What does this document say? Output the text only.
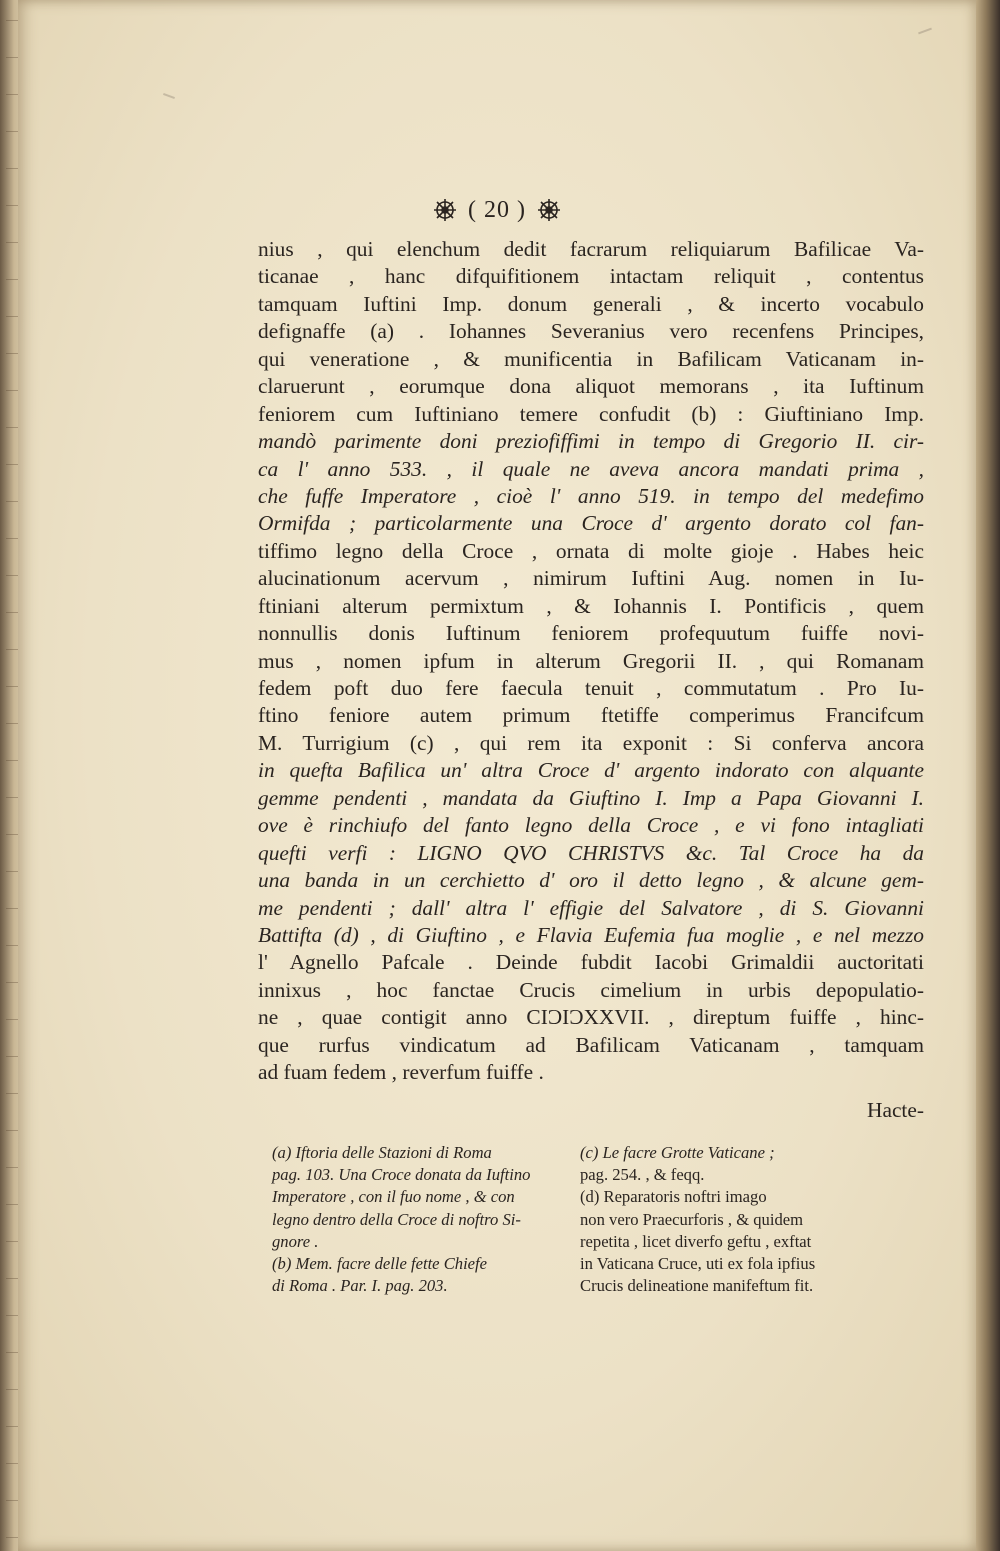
( 20 )
nius , qui elenchum dedit facrarum reliquiarum Bafilicae Va-
ticanae , hanc difquifitionem intactam reliquit , contentus
tamquam Iuftini Imp. donum generali , & incerto vocabulo
defignaffe (a) . Iohannes Severanius vero recenfens Principes,
qui veneratione , & munificentia in Bafilicam Vaticanam in-
claruerunt , eorumque dona aliquot memorans , ita Iuftinum
feniorem cum Iuftiniano temere confudit (b) : Giuftiniano Imp.
mandò parimente doni preziofiffimi in tempo di Gregorio II. cir-
ca l' anno 533. , il quale ne aveva ancora mandati prima ,
che fuffe Imperatore , cioè l' anno 519. in tempo del medefimo
Ormifda ; particolarmente una Croce d' argento dorato col fan-
tiffimo legno della Croce , ornata di molte gioje . Habes heic
alucinationum acervum , nimirum Iuftini Aug. nomen in Iu-
ftiniani alterum permixtum , & Iohannis I. Pontificis , quem
nonnullis donis Iuftinum feniorem profequutum fuiffe novi-
mus , nomen ipfum in alterum Gregorii II. , qui Romanam
fedem poft duo fere faecula tenuit , commutatum . Pro Iu-
ftino feniore autem primum ftetiffe comperimus Francifcum
M. Turrigium (c) , qui rem ita exponit : Si conferva ancora
in quefta Bafilica un' altra Croce d' argento indorato con alquante
gemme pendenti , mandata da Giuftino I. Imp a Papa Giovanni I.
ove è rinchiufo del fanto legno della Croce , e vi fono intagliati
quefti verfi : LIGNO QVO CHRISTVS &c. Tal Croce ha da
una banda in un cerchietto d' oro il detto legno , & alcune gem-
me pendenti ; dall' altra l' effigie del Salvatore , di S. Giovanni
Battifta (d) , di Giuftino , e Flavia Eufemia fua moglie , e nel mezzo
l' Agnello Pafcale . Deinde fubdit Iacobi Grimaldii auctoritati
innixus , hoc fanctae Crucis cimelium in urbis depopulatio-
ne , quae contigit anno CIƆIƆXXVII. , direptum fuiffe , hinc-
que rurfus vindicatum ad Bafilicam Vaticanam , tamquam
ad fuam fedem , reverfum fuiffe .
Hacte-
(a) Iftoria delle Stazioni di Roma
pag. 103. Una Croce donata da Iuftino
Imperatore , con il fuo nome , & con
legno dentro della Croce di noftro Si-
gnore .
(b) Mem. facre delle fette Chiefe
di Roma . Par. I. pag. 203.
(c) Le facre Grotte Vaticane ;
pag. 254. , & feqq.
(d) Reparatoris noftri imago
non vero Praecurforis , & quidem
repetita , licet diverfo geftu , exftat
in Vaticana Cruce, uti ex fola ipfius
Crucis delineatione manifeftum fit.
